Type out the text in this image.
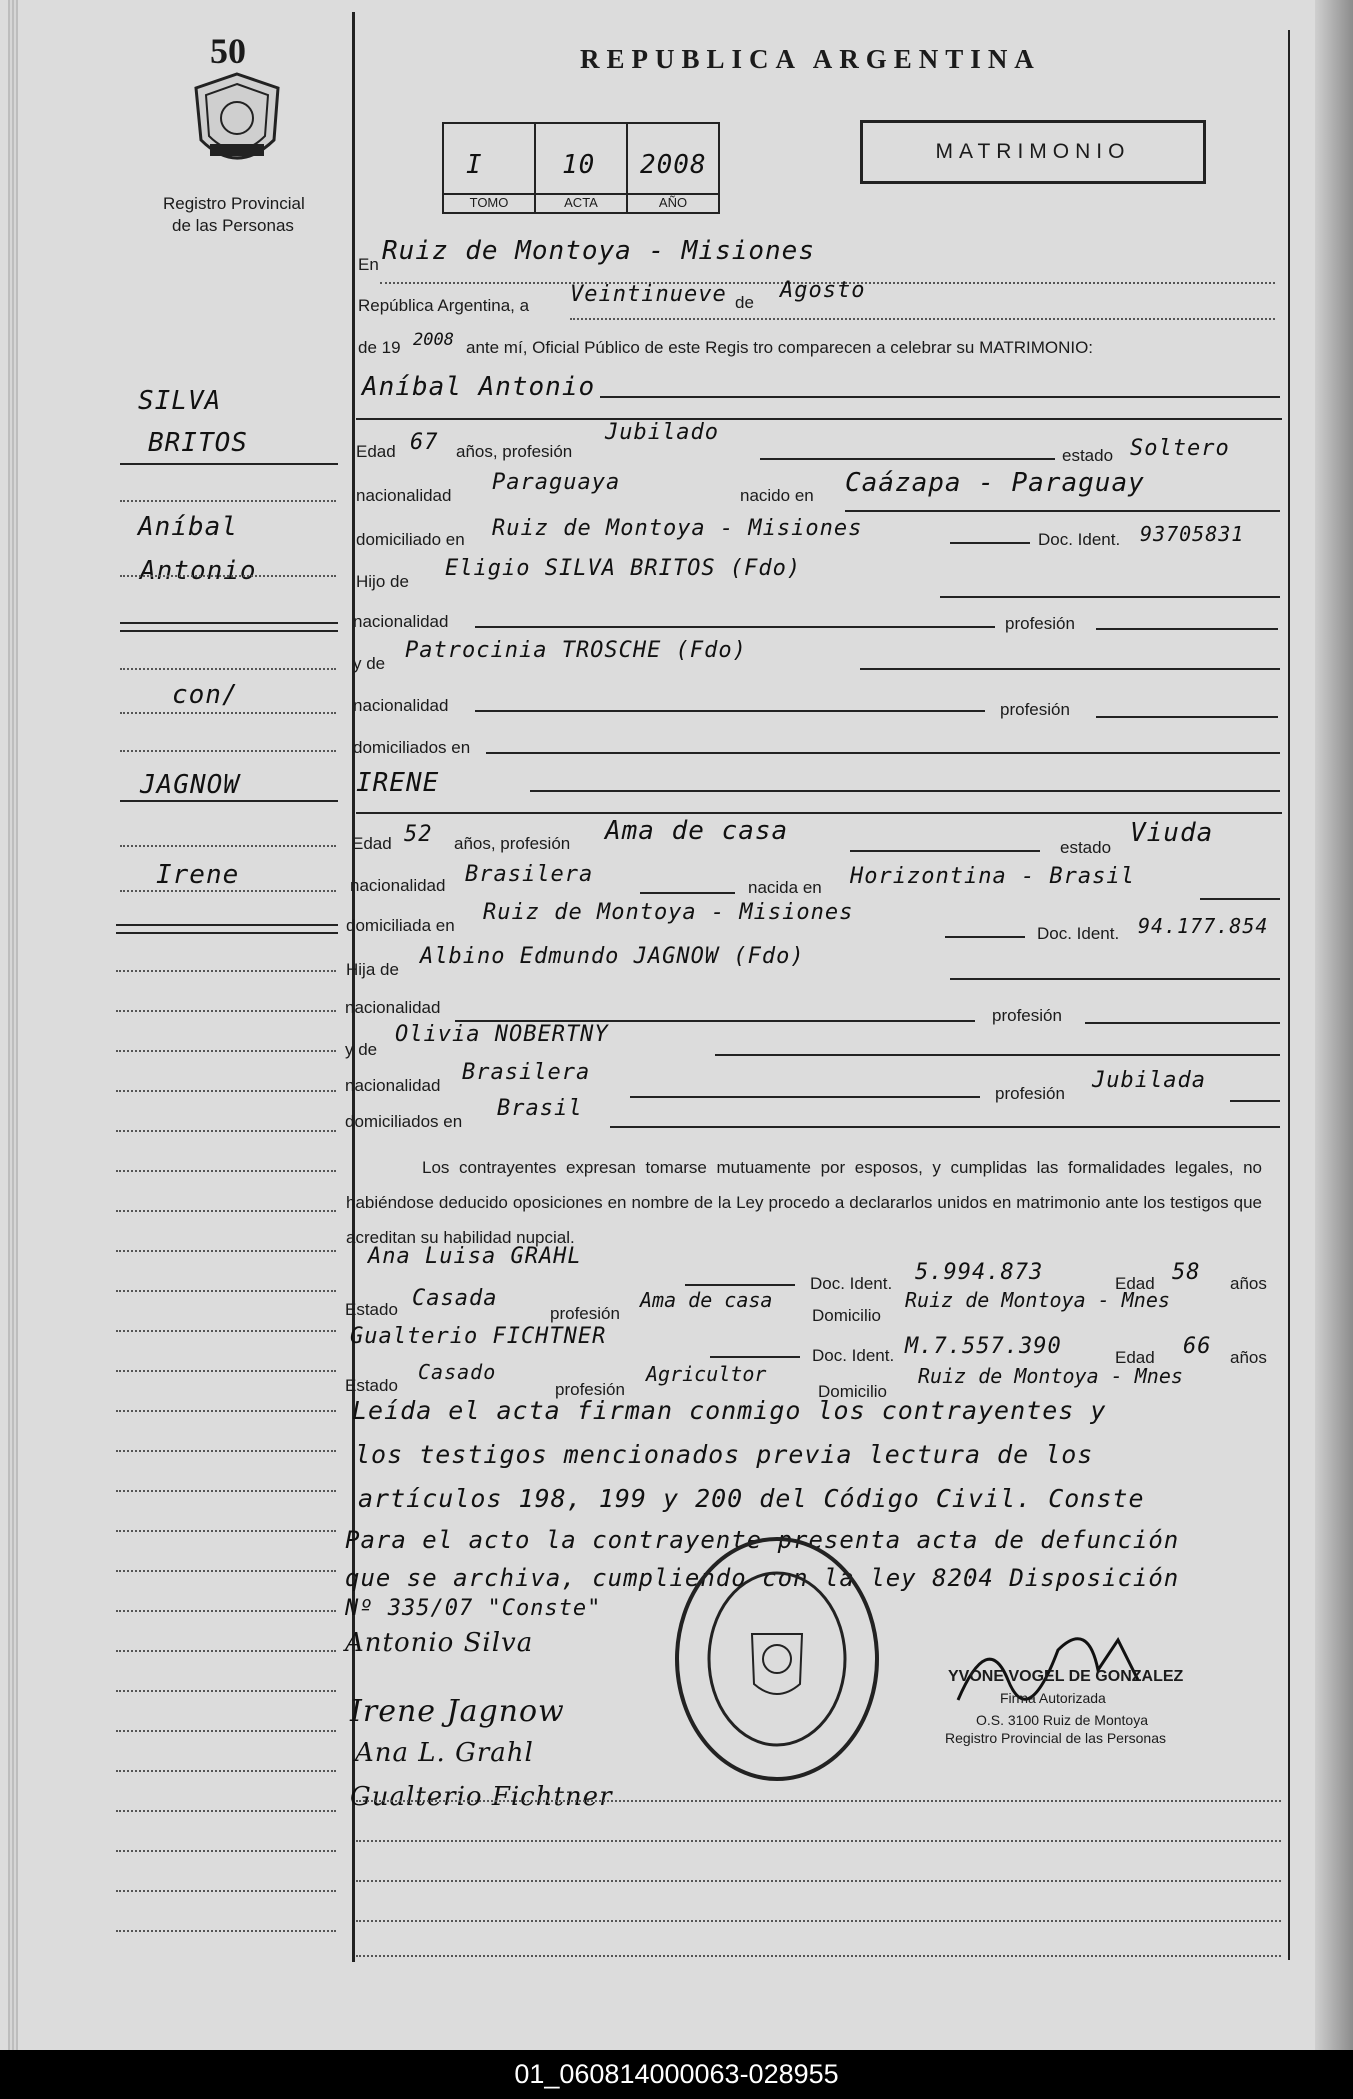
50
Registro Provincial
de las Personas
REPUBLICA ARGENTINA
MATRIMONIO
I
TOMO
10
ACTA
2008
AÑO
SILVA
BRITOS
Aníbal
Antonio
con/
JAGNOW
Irene
En Ruiz de Montoya - Misiones
República Argentina, a Veintinueve de Agosto
de 19 2008 ante mí, Oficial Público de este Regis tro comparecen a celebrar su MATRIMONIO:
Aníbal Antonio
Edad 67 años, profesión
Jubilado
estado Soltero
nacionalidad
Paraguaya
nacido en Caázapa - Paraguay
domiciliado en Ruiz de Montoya - Misiones	Doc. Ident. 93705831
Hijo de
Eligio SILVA BRITOS (Fdo)
nacionalidad	profesión
y de
Patrocinia TROSCHE (Fdo)
nacionalidad	profesión
domiciliados en
IRENE
Edad 52 años, profesión Ama de casa
estado Viuda
nacionalidad Brasilera
nacida en Horizontina - Brasil
domiciliada en
Ruiz de Montoya - Misiones
Doc. Ident. 94.177.854
Hija de
Albino Edmundo JAGNOW (Fdo)
nacionalidad	profesión
y de
Olivia NOBERTNY
nacionalidad
Brasilera
profesión
Jubilada
domiciliados en
Brasil
Los contrayentes expresan tomarse mutuamente por esposos, y cumplidas las formalidades legales, no habiéndose deducido oposiciones en nombre de la Ley procedo a declararlos unidos en matrimonio ante los testigos que acreditan su habilidad nupcial.
Ana Luisa GRAHL
Doc. Ident. 5.994.873	Edad 58 años
Estado Casada
profesión
Ama de casa
Domicilio
Ruiz de Montoya - Mnes
Gualterio FICHTNER
Doc. Ident. M.7.557.390	Edad 66 años
Estado
Casado
profesión
Agricultor
Domicilio
Ruiz de Montoya - Mnes
Leída el acta firman conmigo los contrayentes y
los testigos mencionados previa lectura de los
artículos 198, 199 y 200 del Código Civil. Conste
Para el acto la contrayente presenta acta de defunción
que se archiva, cumpliendo con la ley 8204 Disposición
Nº 335/07 "Conste"
Antonio Silva
Irene Jagnow
Ana L. Grahl
Gualterio Fichtner
YVONE VOGEL DE GONZALEZ
Firma Autorizada
O.S. 3100 Ruiz de Montoya
Registro Provincial de las Personas
01_060814000063-028955
